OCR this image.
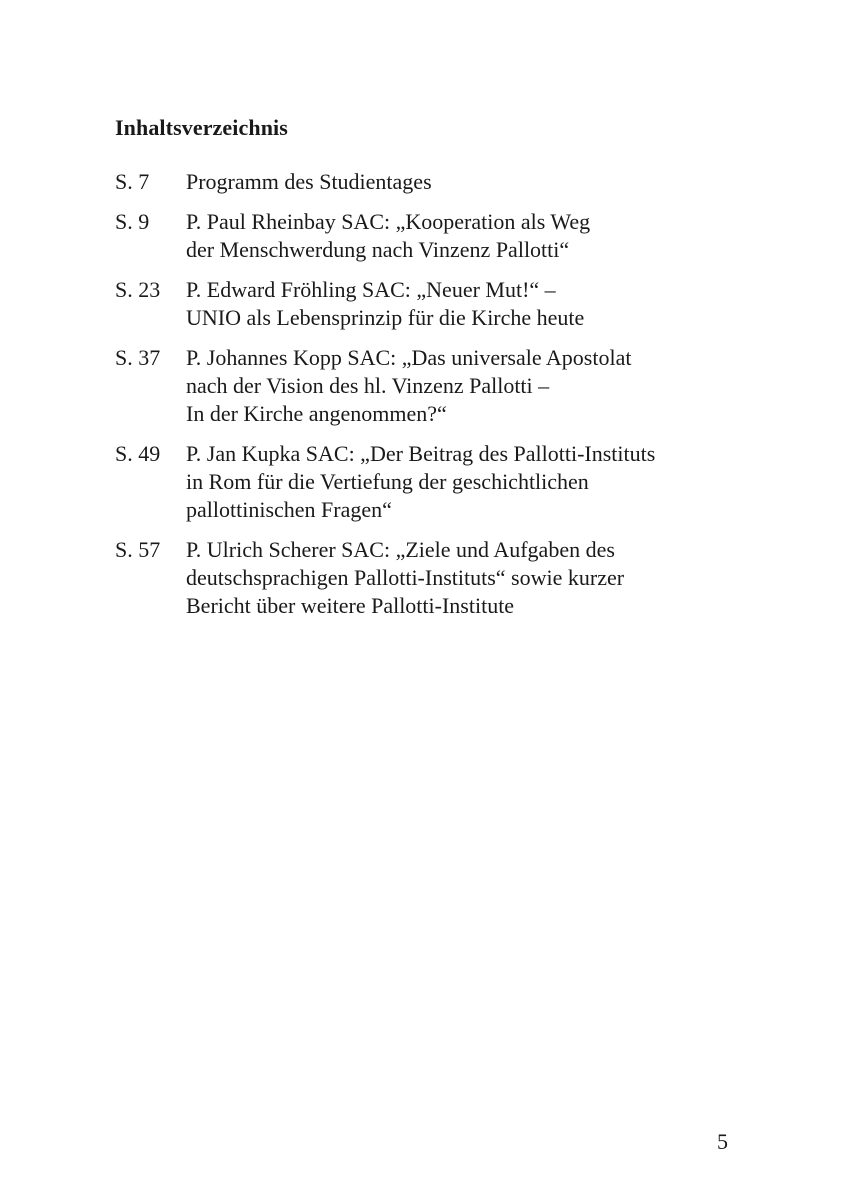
Inhaltsverzeichnis
S. 7	Programm des Studientages
S. 9	P. Paul Rheinbay SAC: „Kooperation als Weg
der Menschwerdung nach Vinzenz Pallotti“
S. 23	P. Edward Fröhling SAC: „Neuer Mut!“ –
UNIO als Lebensprinzip für die Kirche heute
S. 37	P. Johannes Kopp SAC: „Das universale Apostolat
nach der Vision des hl. Vinzenz Pallotti –
In der Kirche angenommen?“
S. 49	P. Jan Kupka SAC: „Der Beitrag des Pallotti-Instituts
in Rom für die Vertiefung der geschichtlichen
pallottinischen Fragen“
S. 57	P. Ulrich Scherer SAC: „Ziele und Aufgaben des
deutschsprachigen Pallotti-Instituts“ sowie kurzer
Bericht über weitere Pallotti-Institute
5
